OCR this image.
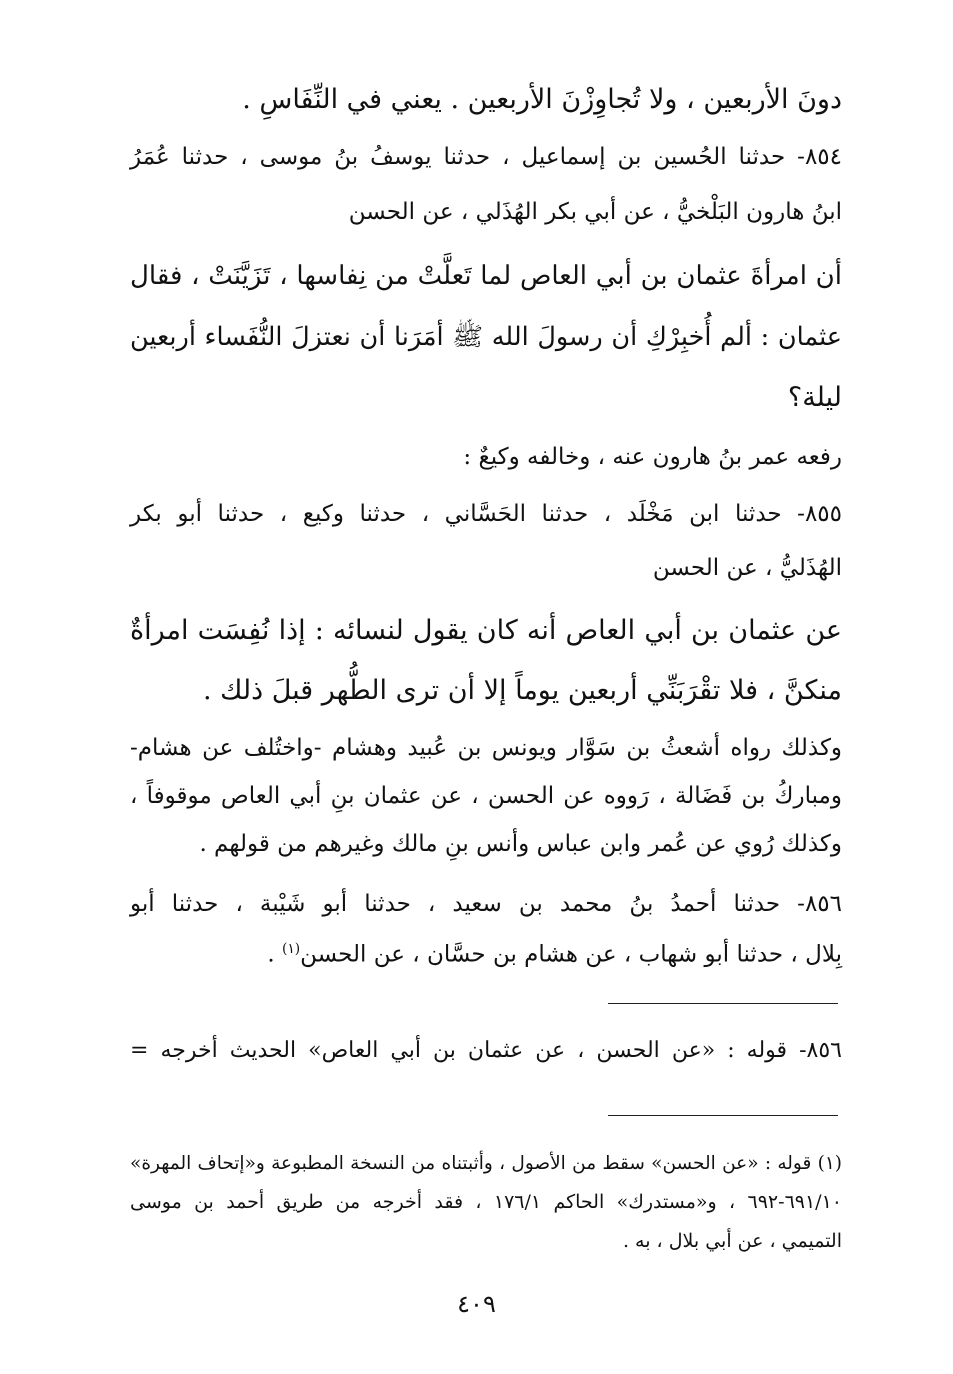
دونَ الأربعين ، ولا تُجاوِزْنَ الأربعين . يعني في النِّفَاسِ .
٨٥٤- حدثنا الحُسين بن إسماعيل ، حدثنا يوسفُ بنُ موسى ، حدثنا عُمَرُ
ابنُ هارون البَلْخيُّ ، عن أبي بكر الهُذَلي ، عن الحسن
أن امرأةَ عثمان بن أبي العاص لما تَعلَّتْ من نِفاسها ، تَزَيَّنَتْ ، فقال
عثمان : ألم أُخبِرْكِ أن رسولَ الله ﷺ أمَرَنا أن نعتزلَ النُّفَساء أربعين
ليلة؟
رفعه عمر بنُ هارون عنه ، وخالفه وكيعٌ :
٨٥٥- حدثنا ابن مَخْلَد ، حدثنا الحَسَّاني ، حدثنا وكيع ، حدثنا أبو بكر
الهُذَليُّ ، عن الحسن
عن عثمان بن أبي العاص أنه كان يقول لنسائه : إذا نُفِسَت امرأةٌ
منكنَّ ، فلا تقْرَبَنِّي أربعين يوماً إلا أن ترى الطُّهر قبلَ ذلك .
وكذلك رواه أشعثُ بن سَوَّار ويونس بن عُبيد وهشام -واختُلف عن هشام-
ومباركُ بن فَضَالة ، رَووه عن الحسن ، عن عثمان بنِ أبي العاص موقوفاً ،
وكذلك رُوي عن عُمر وابن عباس وأنس بنِ مالك وغيرهم من قولهم .
٨٥٦- حدثنا أحمدُ بنُ محمد بن سعيد ، حدثنا أبو شَيْبة ، حدثنا أبو
بِلال ، حدثنا أبو شهاب ، عن هشام بن حسَّان ، عن الحسن$^{(١)}$ .
٨٥٦- قوله : «عن الحسن ، عن عثمان بن أبي العاص» الحديث أخرجه =
(١) قوله : «عن الحسن» سقط من الأصول ، وأثبتناه من النسخة المطبوعة و«إتحاف المهرة»
٦٩١/١٠-٦٩٢ ، و«مستدرك» الحاكم ١٧٦/١ ، فقد أخرجه من طريق أحمد بن موسى
التميمي ، عن أبي بلال ، به .
٤٠٩
